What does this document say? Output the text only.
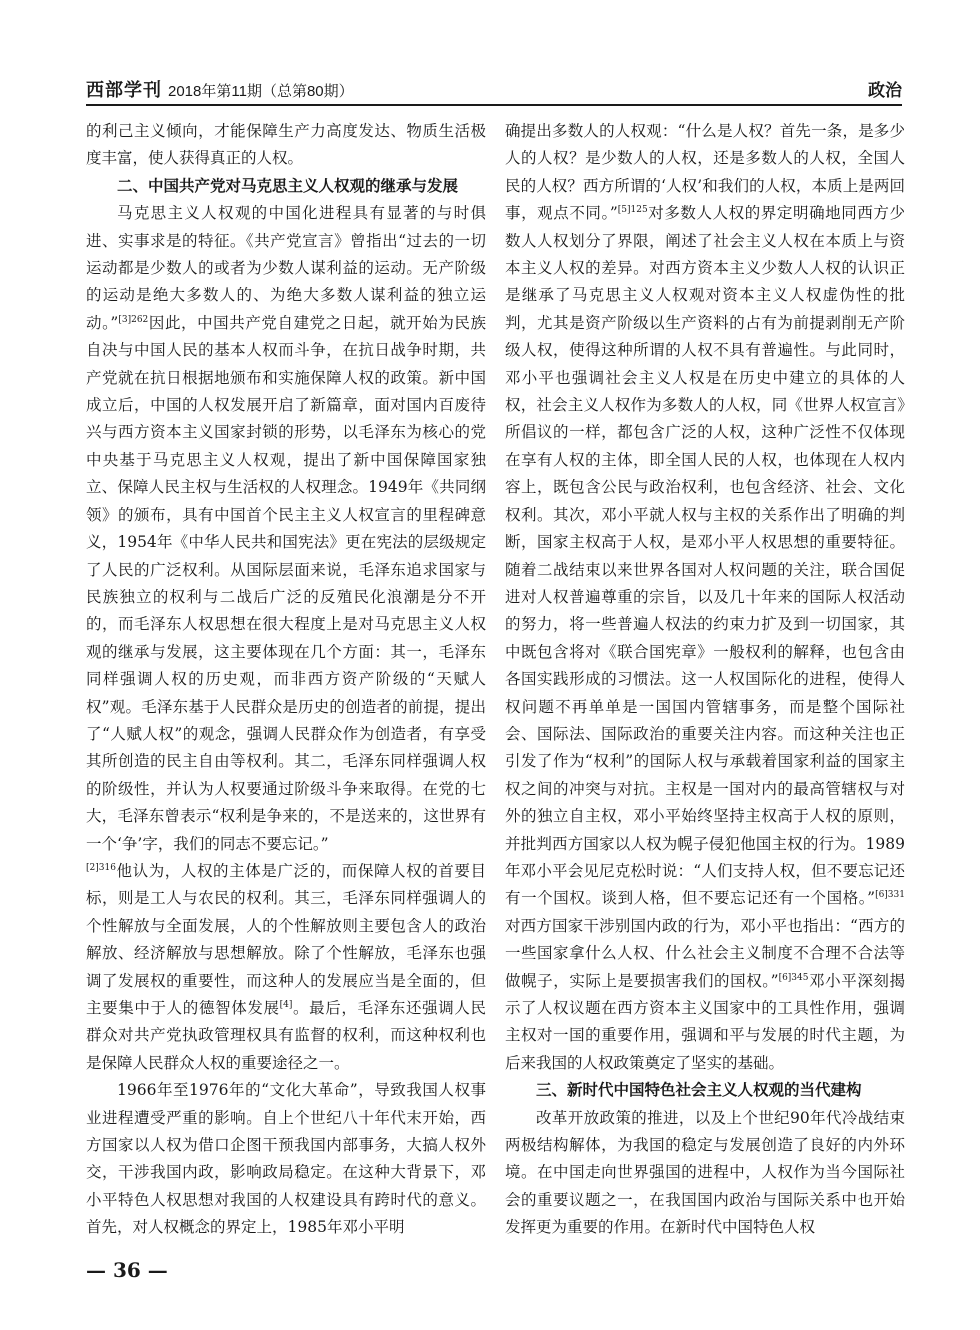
西部学刊 2018年第11期（总第80期）	政治

的利己主义倾向，才能保障生产力高度发达、物质生活极度丰富，使人获得真正的人权。

二、中国共产党对马克思主义人权观的继承与发展

马克思主义人权观的中国化进程具有显著的与时俱进、实事求是的特征。《共产党宣言》曾指出“过去的一切运动都是少数人的或者为少数人谋利益的运动。无产阶级的运动是绝大多数人的、为绝大多数人谋利益的独立运动。”$^{[3]262}$因此，中国共产党自建党之日起，就开始为民族自决与中国人民的基本人权而斗争，在抗日战争时期，共产党就在抗日根据地颁布和实施保障人权的政策。新中国成立后，中国的人权发展开启了新篇章，面对国内百废待兴与西方资本主义国家封锁的形势，以毛泽东为核心的党中央基于马克思主义人权观，提出了新中国保障国家独立、保障人民主权与生活权的人权理念。1949年《共同纲领》的颁布，具有中国首个民主主义人权宣言的里程碑意义，1954年《中华人民共和国宪法》更在宪法的层级规定了人民的广泛权利。从国际层面来说，毛泽东追求国家与民族独立的权利与二战后广泛的反殖民化浪潮是分不开的，而毛泽东人权思想在很大程度上是对马克思主义人权观的继承与发展，这主要体现在几个方面：其一，毛泽东同样强调人权的历史观，而非西方资产阶级的“天赋人权”观。毛泽东基于人民群众是历史的创造者的前提，提出了“人赋人权”的观念，强调人民群众作为创造者，有享受其所创造的民主自由等权利。其二，毛泽东同样强调人权的阶级性，并认为人权要通过阶级斗争来取得。在党的七大，毛泽东曾表示“权利是争来的，不是送来的，这世界有一个‘争’字，我们的同志不要忘记。”

$^{[2]316}$他认为，人权的主体是广泛的，而保障人权的首要目标，则是工人与农民的权利。其三，毛泽东同样强调人的个性解放与全面发展，人的个性解放则主要包含人的政治解放、经济解放与思想解放。除了个性解放，毛泽东也强调了发展权的重要性，而这种人的发展应当是全面的，但主要集中于人的德智体发展[4]。最后，毛泽东还强调人民群众对共产党执政管理权具有监督的权利，而这种权利也是保障人民群众人权的重要途径之一。

1966年至1976年的“文化大革命”，导致我国人权事业进程遭受严重的影响。自上个世纪八十年代末开始，西方国家以人权为借口企图干预我国内部事务，大搞人权外交，干涉我国内政，影响政局稳定。在这种大背景下，邓小平特色人权思想对我国的人权建设具有跨时代的意义。首先，对人权概念的界定上，1985年邓小平明

确提出多数人的人权观：“什么是人权？首先一条，是多少人的人权？是少数人的人权，还是多数人的人权，全国人民的人权？西方所谓的‘人权’和我们的人权，本质上是两回事，观点不同。”$^{[5]125}$对多数人人权的界定明确地同西方少数人人权划分了界限，阐述了社会主义人权在本质上与资本主义人权的差异。对西方资本主义少数人人权的认识正是继承了马克思主义人权观对资本主义人权虚伪性的批判，尤其是资产阶级以生产资料的占有为前提剥削无产阶级人权，使得这种所谓的人权不具有普遍性。与此同时，邓小平也强调社会主义人权是在历史中建立的具体的人权，社会主义人权作为多数人的人权，同《世界人权宣言》所倡议的一样，都包含广泛的人权，这种广泛性不仅体现在享有人权的主体，即全国人民的人权，也体现在人权内容上，既包含公民与政治权利，也包含经济、社会、文化权利。其次，邓小平就人权与主权的关系作出了明确的判断，国家主权高于人权，是邓小平人权思想的重要特征。随着二战结束以来世界各国对人权问题的关注，联合国促进对人权普遍尊重的宗旨，以及几十年来的国际人权活动的努力，将一些普遍人权法的约束力扩及到一切国家，其中既包含将对《联合国宪章》一般权利的解释，也包含由各国实践形成的习惯法。这一人权国际化的进程，使得人权问题不再单单是一国国内管辖事务，而是整个国际社会、国际法、国际政治的重要关注内容。而这种关注也正引发了作为“权利”的国际人权与承载着国家利益的国家主权之间的冲突与对抗。主权是一国对内的最高管辖权与对外的独立自主权，邓小平始终坚持主权高于人权的原则，并批判西方国家以人权为幌子侵犯他国主权的行为。1989年邓小平会见尼克松时说：“人们支持人权，但不要忘记还有一个国权。谈到人格，但不要忘记还有一个国格。”$^{[6]331}$对西方国家干涉别国内政的行为，邓小平也指出：“西方的一些国家拿什么人权、什么社会主义制度不合理不合法等做幌子，实际上是要损害我们的国权。”$^{[6]345}$邓小平深刻揭示了人权议题在西方资本主义国家中的工具性作用，强调主权对一国的重要作用，强调和平与发展的时代主题，为后来我国的人权政策奠定了坚实的基础。

三、新时代中国特色社会主义人权观的当代建构

改革开放政策的推进，以及上个世纪90年代冷战结束两极结构解体，为我国的稳定与发展创造了良好的内外环境。在中国走向世界强国的进程中，人权作为当今国际社会的重要议题之一，在我国国内政治与国际关系中也开始发挥更为重要的作用。在新时代中国特色人权

— 36 —
